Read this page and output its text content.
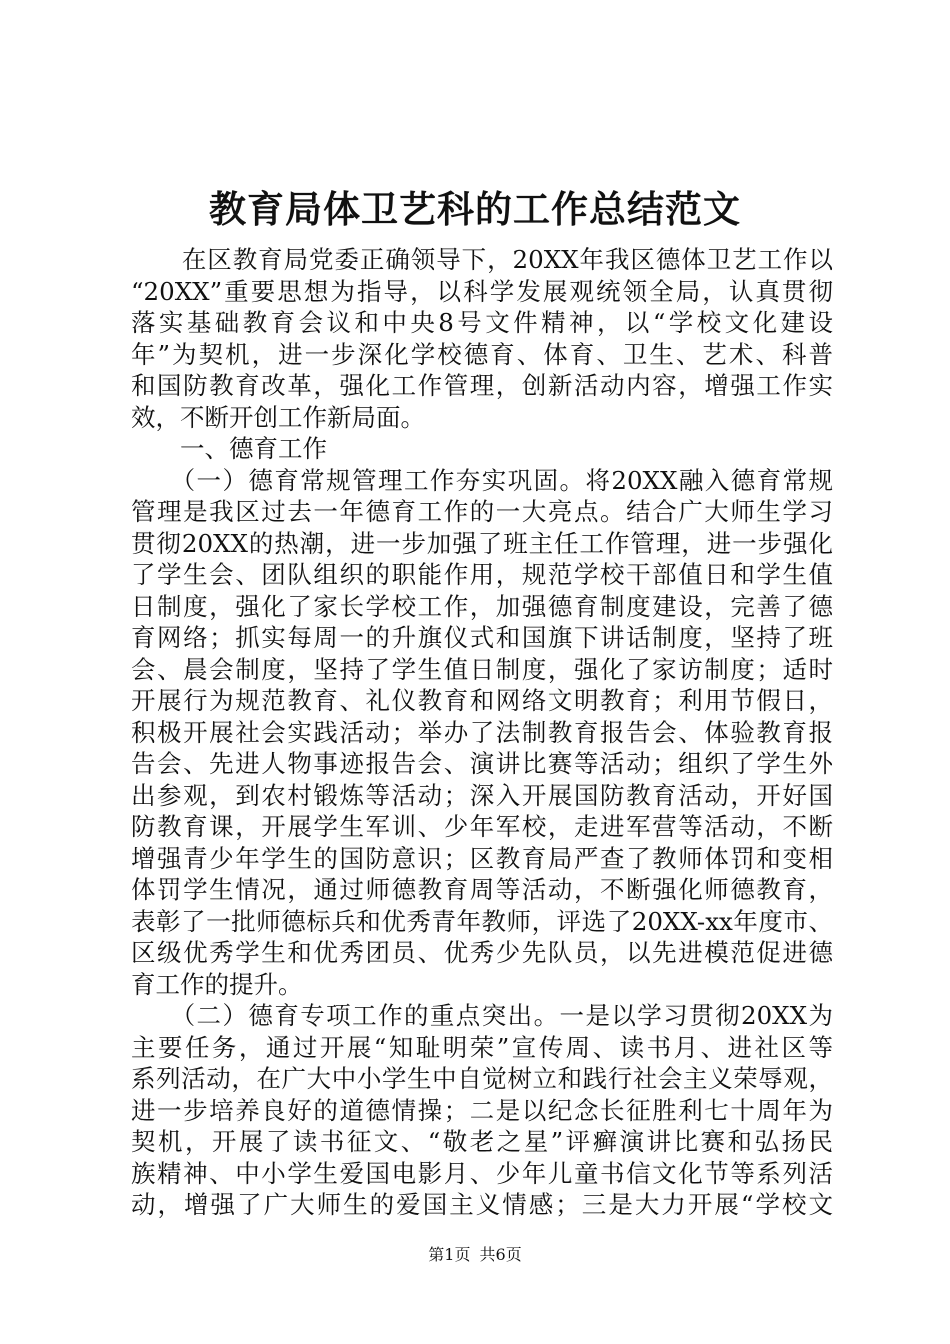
教育局体卫艺科的工作总结范文
　　在区教育局党委正确领导下，20XX年我区德体卫艺工作以
“20XX”重要思想为指导，以科学发展观统领全局，认真贯彻
落实基础教育会议和中央8号文件精神，以“学校文化建设
年”为契机，进一步深化学校德育、体育、卫生、艺术、科普
和国防教育改革，强化工作管理，创新活动内容，增强工作实
效，不断开创工作新局面。
　　一、德育工作
　　（一）德育常规管理工作夯实巩固。将20XX融入德育常规
管理是我区过去一年德育工作的一大亮点。结合广大师生学习
贯彻20XX的热潮，进一步加强了班主任工作管理，进一步强化
了学生会、团队组织的职能作用，规范学校干部值日和学生值
日制度，强化了家长学校工作，加强德育制度建设，完善了德
育网络；抓实每周一的升旗仪式和国旗下讲话制度，坚持了班
会、晨会制度，坚持了学生值日制度，强化了家访制度；适时
开展行为规范教育、礼仪教育和网络文明教育；利用节假日，
积极开展社会实践活动；举办了法制教育报告会、体验教育报
告会、先进人物事迹报告会、演讲比赛等活动；组织了学生外
出参观，到农村锻炼等活动；深入开展国防教育活动，开好国
防教育课，开展学生军训、少年军校，走进军营等活动，不断
增强青少年学生的国防意识；区教育局严查了教师体罚和变相
体罚学生情况，通过师德教育周等活动，不断强化师德教育，
表彰了一批师德标兵和优秀青年教师，评选了20XX-xx年度市、
区级优秀学生和优秀团员、优秀少先队员，以先进模范促进德
育工作的提升。
　　（二）德育专项工作的重点突出。一是以学习贯彻20XX为
主要任务，通过开展“知耻明荣”宣传周、读书月、进社区等
系列活动，在广大中小学生中自觉树立和践行社会主义荣辱观，
进一步培养良好的道德情操；二是以纪念长征胜利七十周年为
契机，开展了读书征文、“敬老之星”评癣演讲比赛和弘扬民
族精神、中小学生爱国电影月、少年儿童书信文化节等系列活
动，增强了广大师生的爱国主义情感；三是大力开展“学校文
第1页 共6页
